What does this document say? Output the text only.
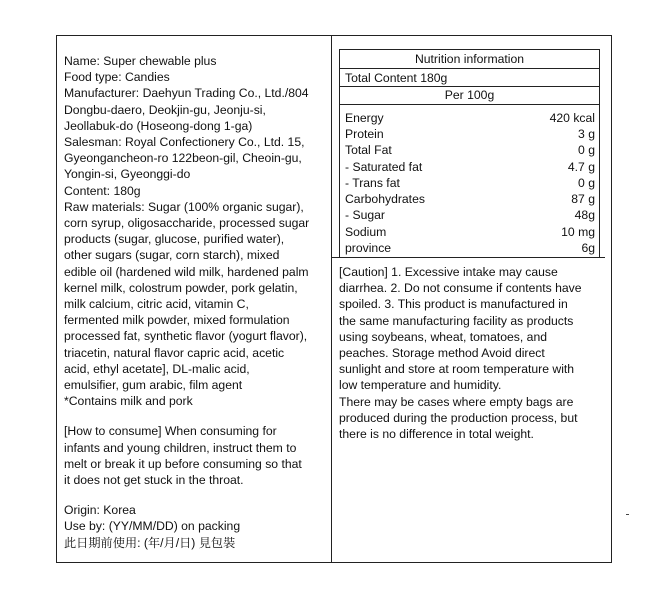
Name: Super chewable plus

Food type: Candies

Manufacturer: Daehyun Trading Co., Ltd./804

Dongbu-daero, Deokjin-gu, Jeonju-si,

Jeollabuk-do (Hoseong-dong 1-ga)

Salesman: Royal Confectionery Co., Ltd. 15,

Gyeongancheon-ro 122beon-gil, Cheoin-gu,

Yongin-si, Gyeonggi-do

Content: 180g

Raw materials: Sugar (100% organic sugar),

corn syrup, oligosaccharide, processed sugar

products (sugar, glucose, purified water),

other sugars (sugar, corn starch), mixed

edible oil (hardened wild milk, hardened palm

kernel milk, colostrum powder, pork gelatin,

milk calcium, citric acid, vitamin C,

fermented milk powder, mixed formulation

processed fat, synthetic flavor (yogurt flavor),

triacetin, natural flavor capric acid, acetic

acid, ethyl acetate], DL-malic acid,

emulsifier, gum arabic, film agent

*Contains milk and pork

[How to consume] When consuming for

infants and young children, instruct them to

melt or break it up before consuming so that

it does not get stuck in the throat.

Origin: Korea

Use by: (YY/MM/DD) on packing

此日期前使用: (年/月/日) 見包裝

Nutrition information
Total Content 180g
Per 100g
Energy	420 kcal
Protein	3 g
Total Fat	0 g
- Saturated fat	4.7 g
- Trans fat	0 g
Carbohydrates	87 g
- Sugar	48g
Sodium	10 mg
province	6g

[Caution] 1. Excessive intake may cause

diarrhea. 2. Do not consume if contents have

spoiled. 3. This product is manufactured in

the same manufacturing facility as products

using soybeans, wheat, tomatoes, and

peaches. Storage method Avoid direct

sunlight and store at room temperature with

low temperature and humidity.

There may be cases where empty bags are

produced during the production process, but

there is no difference in total weight.
